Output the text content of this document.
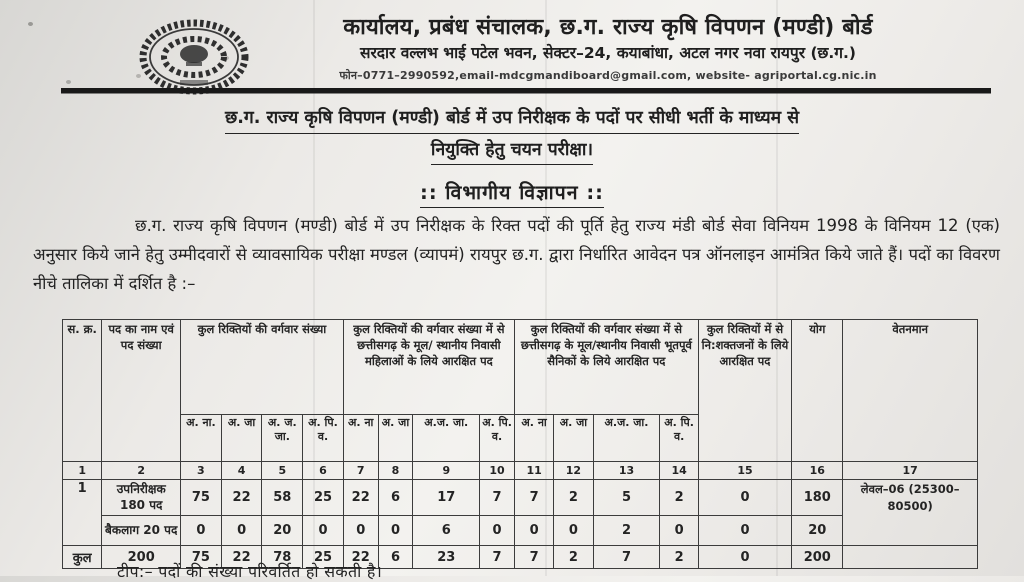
कार्यालय, प्रबंध संचालक, छ.ग. राज्य कृषि विपणन (मण्डी) बोर्ड
सरदार वल्लभ भाई पटेल भवन, सेक्टर–24, कयाबांधा, अटल नगर नवा रायपुर (छ.ग.)
फोन–0771–2990592,email-mdcgmandiboard@gmail.com, website- agriportal.cg.nic.in
छ.ग. राज्य कृषि विपणन (मण्डी) बोर्ड में उप निरीक्षक के पदों पर सीधी भर्ती के माध्यम से
नियुक्ति हेतु चयन परीक्षा।
:: विभागीय विज्ञापन ::
छ.ग. राज्य कृषि विपणन (मण्डी) बोर्ड में उप निरीक्षक के रिक्त पदों की पूर्ति हेतु राज्य मंडी बोर्ड सेवा विनियम 1998 के विनियम 12 (एक) अनुसार किये जाने हेतु उम्मीदवारों से व्यावसायिक परीक्षा मण्डल (व्यापमं) रायपुर छ.ग. द्वारा निर्धारित आवेदन पत्र ऑनलाइन आमंत्रित किये जाते हैं। पदों का विवरण नीचे तालिका में दर्शित है :–
स. क्र.	पद का नाम एवं पद संख्या	कुल रिक्तियों की वर्गवार संख्या				कुल रिक्तियों की वर्गवार संख्या में से छत्तीसगढ़ के मूल/ स्थानीय निवासी महिलाओं के लिये आरक्षित पद				कुल रिक्तियों की वर्गवार संख्या में से छत्तीसगढ़ के मूल/स्थानीय निवासी भूतपूर्व सैनिकों के लिये आरक्षित पद				कुल रिक्तियों में से नि:शक्तजनों के लिये आरक्षित पद	योग	वेतनमान
		अ. ना.	अ. जा	अ. ज. जा.	अ. पि. व.	अ. ना	अ. जा	अ.ज. जा.	अ. पि. व.	अ. ना	अ. जा	अ.ज. जा.	अ. पि. व.			
1	2	3	4	5	6	7	8	9	10	11	12	13	14	15	16	17
1	उपनिरीक्षक 180 पद	75	22	58	25	22	6	17	7	7	2	5	2	0	180	लेवल–06 (25300–80500)
	बैकलाग 20 पद	0	0	20	0	0	0	6	0	0	0	2	0	0	20	
कुल	200	75	22	78	25	22	6	23	7	7	2	7	2	0	200	
टीप:– पदों की संख्या परिवर्तित हो सकती है।
